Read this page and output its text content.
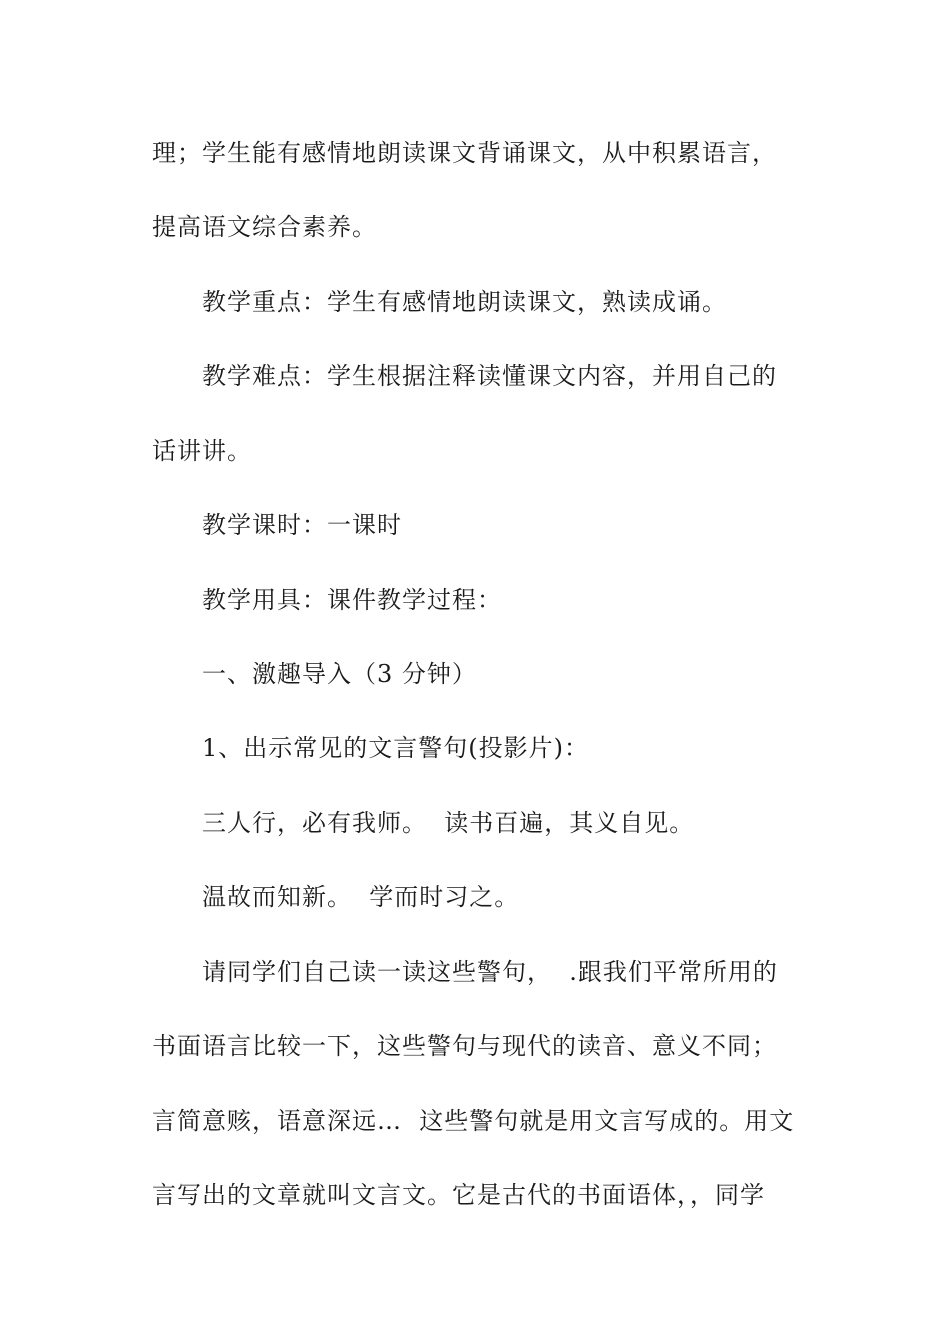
理；学生能有感情地朗读课文背诵课文，从中积累语言，
提高语文综合素养。
教学重点：学生有感情地朗读课文，熟读成诵。
教学难点：学生根据注释读懂课文内容，并用自己的
话讲讲。
教学课时：一课时
教学用具：课件教学过程：
一、激趣导入（3 分钟）
1、出示常见的文言警句(投影片)：
三人行，必有我师。  读书百遍，其义自见。
温故而知新。  学而时习之。
请同学们自己读一读这些警句，  .跟我们平常所用的
书面语言比较一下，这些警句与现代的读音、意义不同；
言简意赅，语意深远…  这些警句就是用文言写成的。用文
言写出的文章就叫文言文。它是古代的书面语体，，同学
